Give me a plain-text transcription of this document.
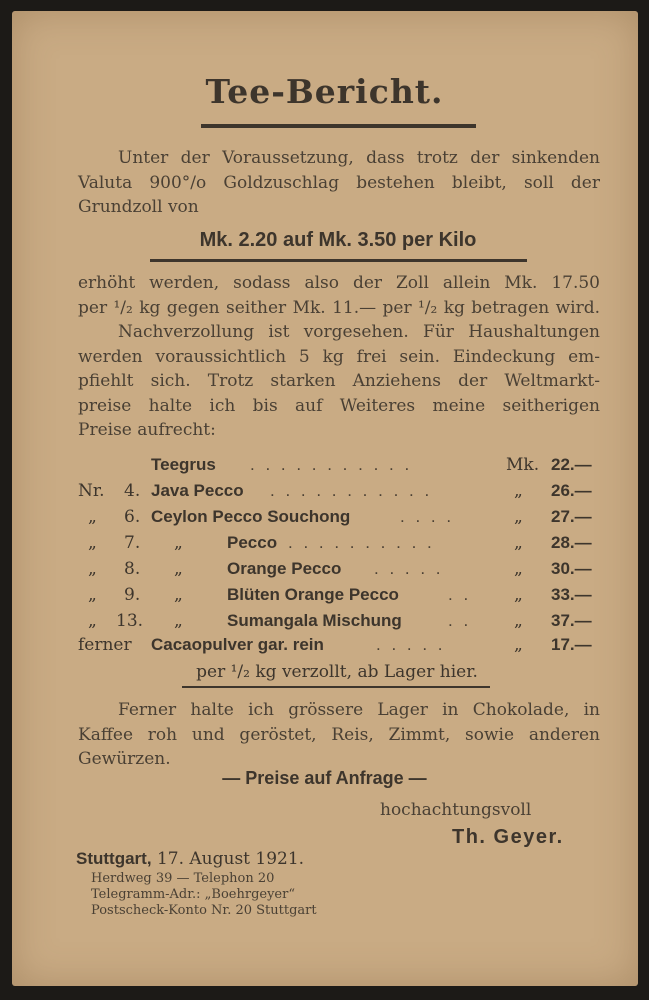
Tee-Bericht.
Unter der Voraussetzung, dass trotz der sinkenden
Valuta 900°/o Goldzuschlag bestehen bleibt, soll der
Grundzoll von
Mk. 2.20 auf Mk. 3.50 per Kilo
erhöht werden, sodass also der Zoll allein Mk. 17.50
per ¹/₂ kg gegen seither Mk. 11.— per ¹/₂ kg betragen wird.
Nachverzollung ist vorgesehen. Für Haushaltungen
werden voraussichtlich 5 kg frei sein. Eindeckung em-
pfiehlt sich. Trotz starken Anziehens der Weltmarkt-
preise halte ich bis auf Weiteres meine seitherigen
Preise aufrecht:
Teegrus . . . . . . . . . . .	Mk. 22.—
Nr. 4. Java Pecco . . . . . . . . . . .	„ 26.—
„ 6. Ceylon Pecco Souchong	. . . .	„ 27.—
„ 7. „	Pecco . . . . . . . . . .	„ 28.—
„ 8. „	Orange Pecco . . . . .	„ 30.—
„ 9. „	Blüten Orange Pecco	. .	„ 33.—
„ 13. „	Sumangala Mischung	. .	„ 37.—
ferner Cacaopulver gar. rein	. . . . .	„ 17.—
per ¹/₂ kg verzollt, ab Lager hier.
Ferner halte ich grössere Lager in Chokolade, in
Kaffee roh und geröstet, Reis, Zimmt, sowie anderen
Gewürzen.
— Preise auf Anfrage —
hochachtungsvoll
Th. Geyer.
Stuttgart, 17. August 1921.
Herdweg 39 — Telephon 20
Telegramm-Adr.: „Boehrgeyer“
Postscheck-Konto Nr. 20 Stuttgart
